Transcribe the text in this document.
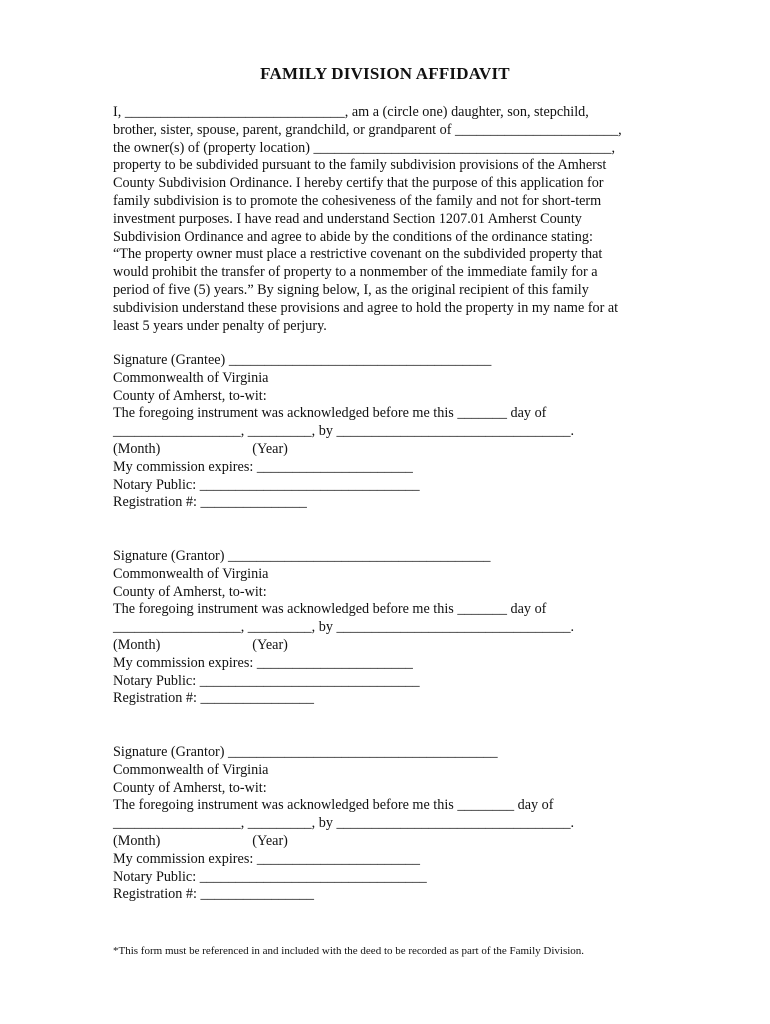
FAMILY DIVISION AFFIDAVIT
I, _______________________________, am a (circle one) daughter, son, stepchild,
brother, sister, spouse, parent, grandchild, or grandparent of _______________________,
the owner(s) of (property location) __________________________________________,
property to be subdivided pursuant to the family subdivision provisions of the Amherst
County Subdivision Ordinance. I hereby certify that the purpose of this application for
family subdivision is to promote the cohesiveness of the family and not for short-term
investment purposes. I have read and understand Section 1207.01 Amherst County
Subdivision Ordinance and agree to abide by the conditions of the ordinance stating:
“The property owner must place a restrictive covenant on the subdivided property that
would prohibit the transfer of property to a nonmember of the immediate family for a
period of five (5) years.” By signing below, I, as the original recipient of this family
subdivision understand these provisions and agree to hold the property in my name for at
least 5 years under penalty of perjury.
Signature (Grantee) _____________________________________
Commonwealth of Virginia
County of Amherst, to-wit:
The foregoing instrument was acknowledged before me this _______ day of
__________________, _________, by _________________________________.
(Month)	(Year)
My commission expires: ______________________
Notary Public: _______________________________
Registration #: _______________
Signature (Grantor) _____________________________________
Commonwealth of Virginia
County of Amherst, to-wit:
The foregoing instrument was acknowledged before me this _______ day of
__________________, _________, by _________________________________.
(Month)	(Year)
My commission expires: ______________________
Notary Public: _______________________________
Registration #: ________________
Signature (Grantor) ______________________________________
Commonwealth of Virginia
County of Amherst, to-wit:
The foregoing instrument was acknowledged before me this ________ day of
__________________, _________, by _________________________________.
(Month)	(Year)
My commission expires: _______________________
Notary Public: ________________________________
Registration #: ________________
*This form must be referenced in and included with the deed to be recorded as part of the Family Division.
